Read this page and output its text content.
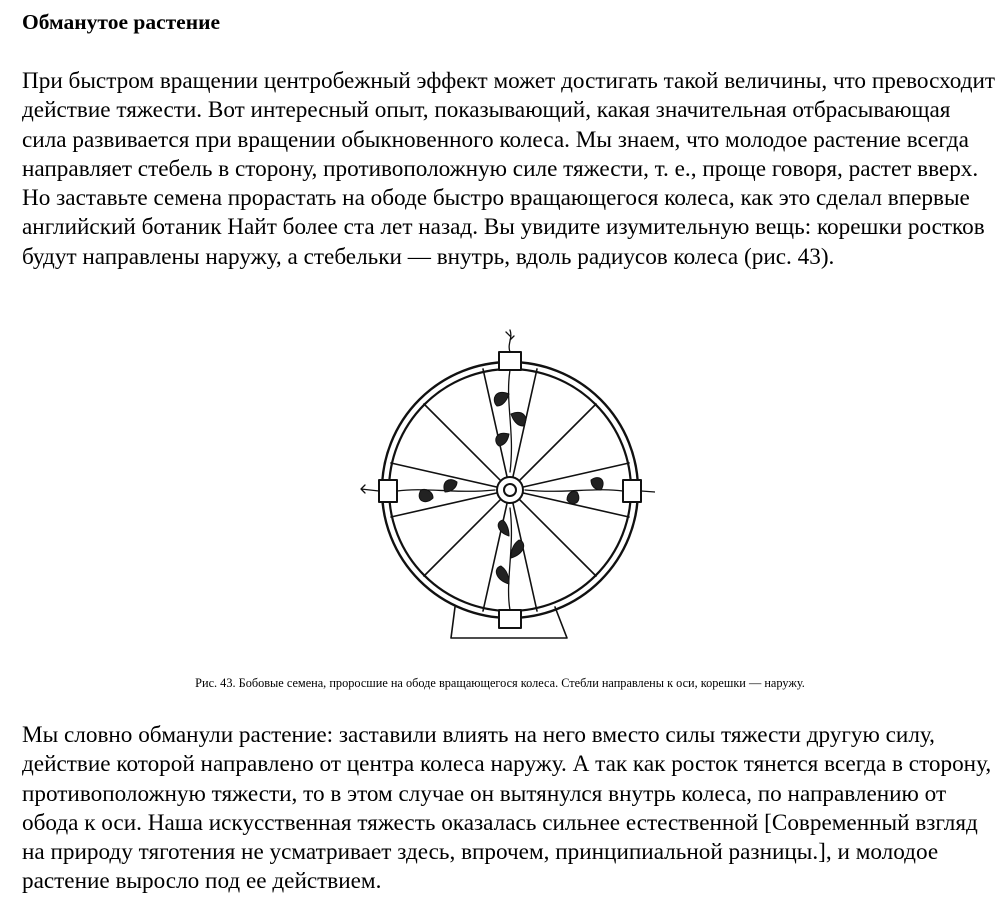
Обманутое растение

При быстром вращении центробежный эффект может достигать такой величины, что превосходит действие тяжести. Вот интересный опыт, показывающий, какая значительная отбрасывающая сила развивается при вращении обыкновенного колеса. Мы знаем, что молодое растение всегда направляет стебель в сторону, противоположную силе тяжести, т. е., проще говоря, растет вверх. Но заставьте семена прорастать на ободе быстро вращающегося колеса, как это сделал впервые английский ботаник Найт более ста лет назад. Вы увидите изумительную вещь: корешки ростков будут направлены наружу, а стебельки — внутрь, вдоль радиусов колеса (рис. 43).

Рис. 43. Бобовые семена, проросшие на ободе вращающегося колеса. Стебли направлены к оси, корешки — наружу.

Мы словно обманули растение: заставили влиять на него вместо силы тяжести другую силу, действие которой направлено от центра колеса наружу. А так как росток тянется всегда в сторону, противоположную тяжести, то в этом случае он вытянулся внутрь колеса, по направлению от обода к оси. Наша искусственная тяжесть оказалась сильнее естественной [Современный взгляд на природу тяготения не усматривает здесь, впрочем, принципиальной разницы.], и молодое растение выросло под ее действием.
